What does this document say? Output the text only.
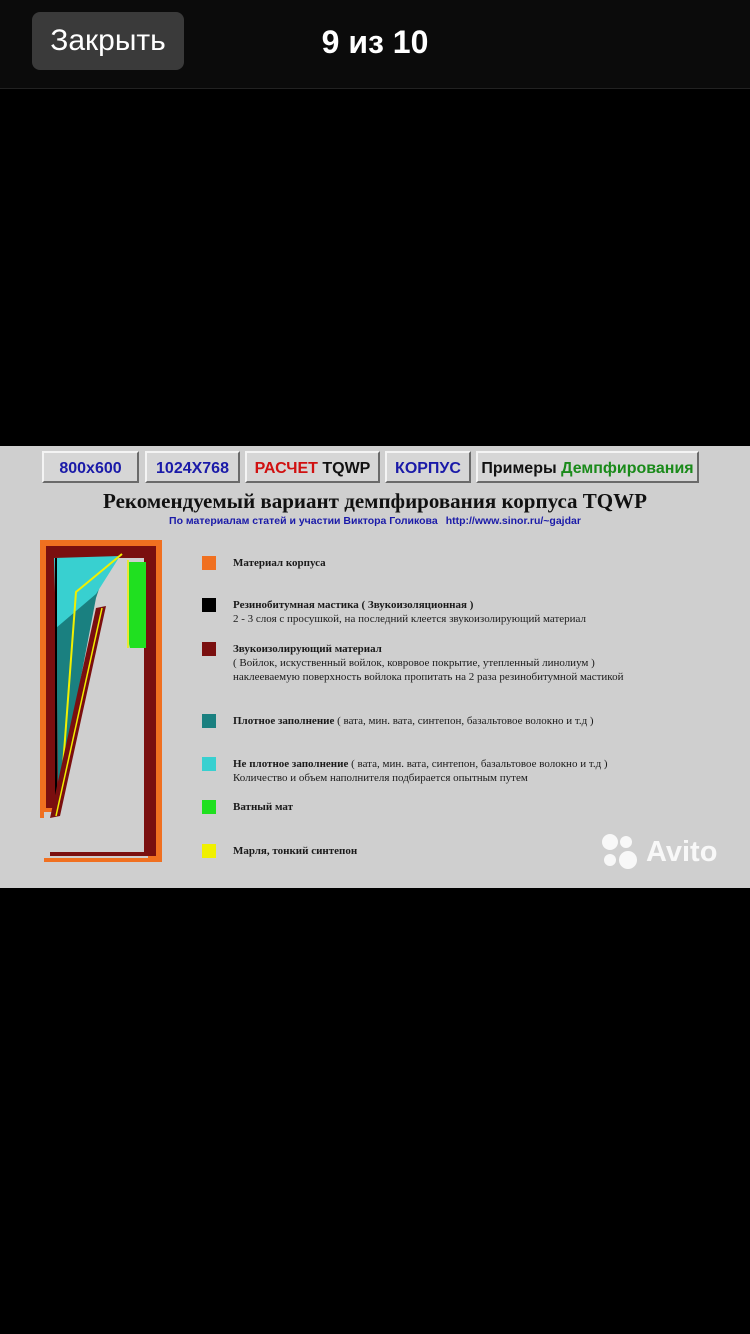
Закрыть	9 из 10
800x600	1024X768	РАСЧЕТ TQWP	КОРПУС	Примеры Демпфирования
Рекомендуемый вариант демпфирования корпуса TQWP
По материалам статей и участии Виктора Голикова http://www.sinor.ru/~gajdar
Материал корпуса
Резинобитумная мастика ( Звукоизоляционная )
2 - 3 слоя с просушкой, на последний клеется звукоизолирующий материал
Звукоизолирующий материал
( Войлок, искуственный войлок, ковровое покрытие, утепленный линолиум )
наклееваемую поверхность войлока пропитать на 2 раза резинобитумной мастикой
Плотное заполнение ( вата, мин. вата, синтепон, базальтовое волокно и т.д )
Не плотное заполнение ( вата, мин. вата, синтепон, базальтовое волокно и т.д )
Количество и объем наполнителя подбирается опытным путем
Ватный мат
Марля, тонкий синтепон	Avito
